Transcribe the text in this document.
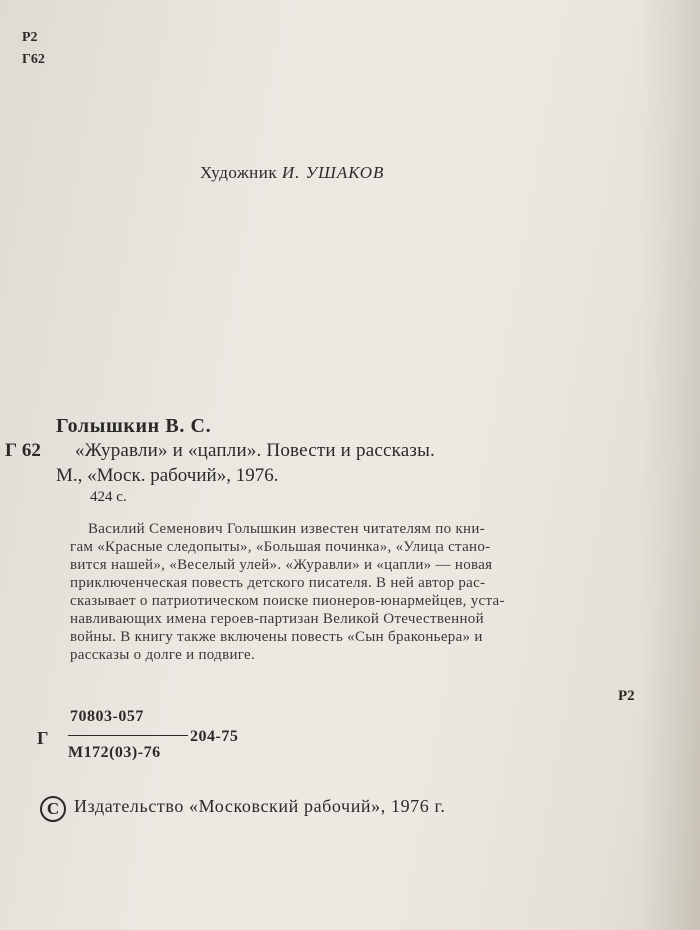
Р2
Г62
Художник И. УШАКОВ
Голышкин В. С.
Г 62 «Журавли» и «цапли». Повести и рассказы.
М., «Моск. рабочий», 1976.
424 с.
Василий Семенович Голышкин известен читателям по кни-
гам «Красные следопыты», «Большая починка», «Улица стано-
вится нашей», «Веселый улей». «Журавли» и «цапли» — новая
приключенческая повесть детского писателя. В ней автор рас-
сказывает о патриотическом поиске пионеров-юнармейцев, уста-
навливающих имена героев-партизан Великой Отечественной
войны. В книгу также включены повесть «Сын браконьера» и
рассказы о долге и подвиге.
Р2
Г
70803-057
М172(03)-76
204-75
C Издательство «Московский рабочий», 1976 г.
